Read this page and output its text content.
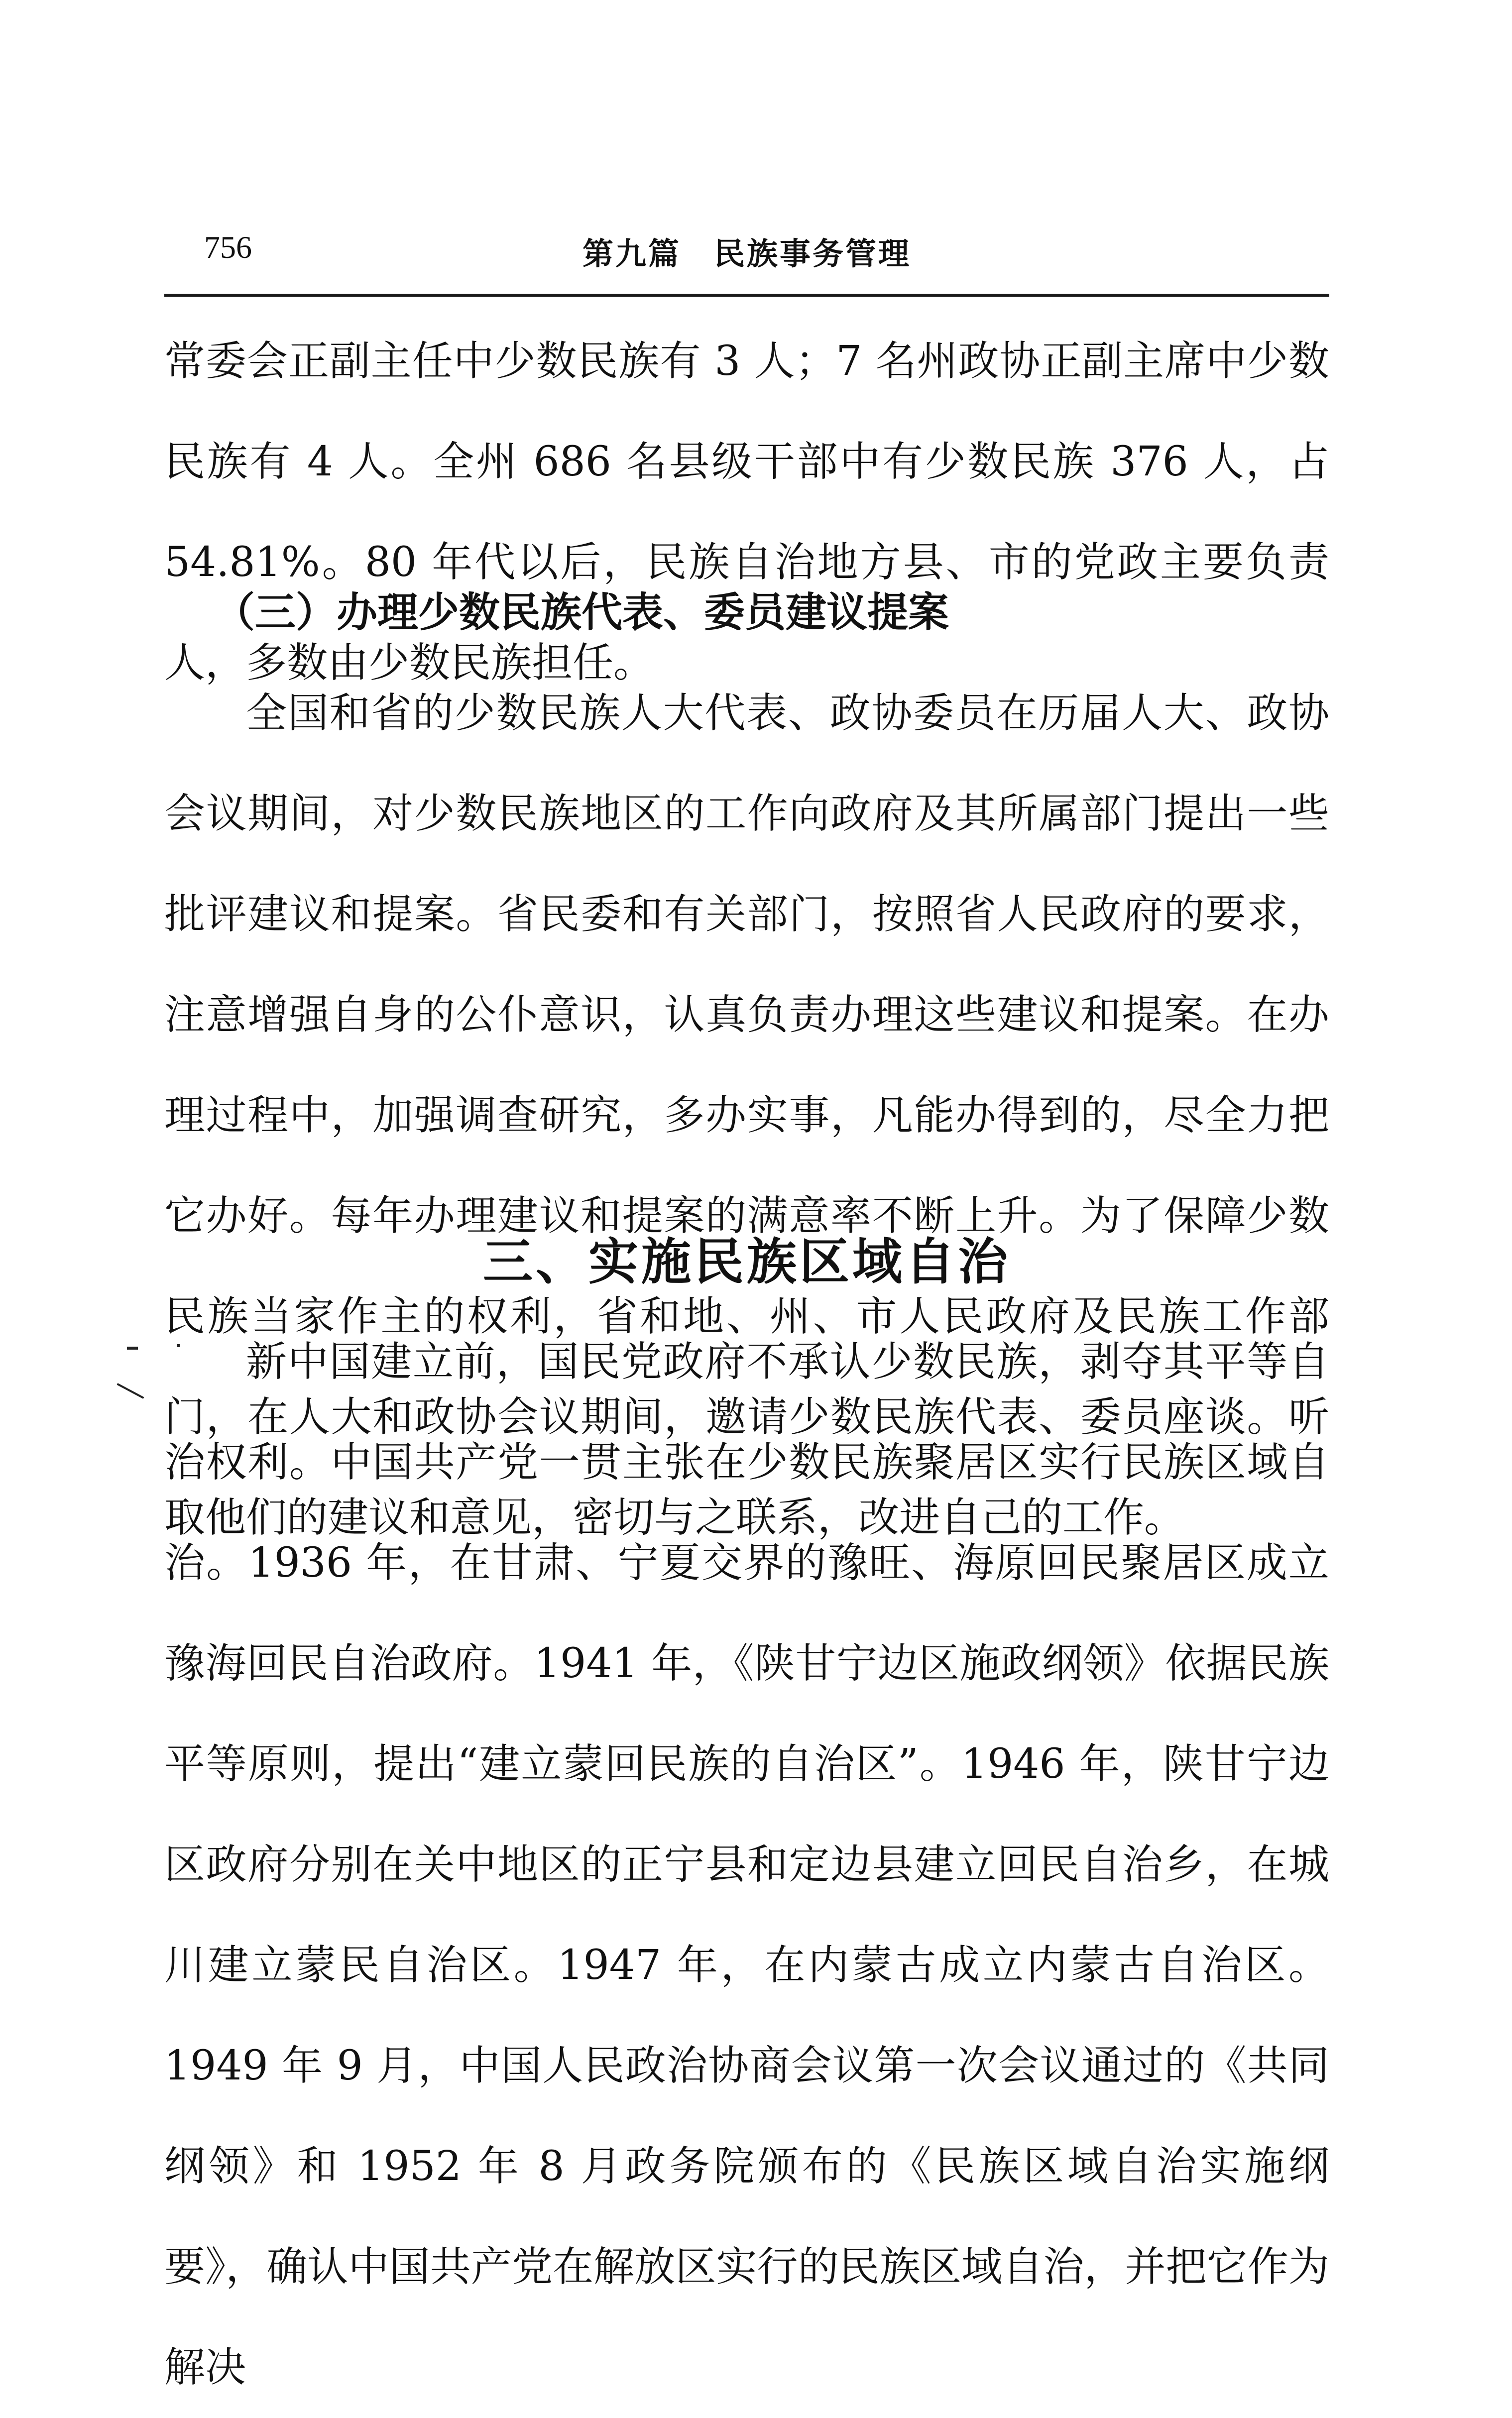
756	第九篇　民族事务管理

常委会正副主任中少数民族有 3 人；7 名州政协正副主席中少数民族有 4 人。全州 686 名县级干部中有少数民族 376 人，占 54.81%。80 年代以后，民族自治地方县、市的党政主要负责人，多数由少数民族担任。

（三）办理少数民族代表、委员建议提案

全国和省的少数民族人大代表、政协委员在历届人大、政协会议期间，对少数民族地区的工作向政府及其所属部门提出一些批评建议和提案。省民委和有关部门，按照省人民政府的要求，注意增强自身的公仆意识，认真负责办理这些建议和提案。在办理过程中，加强调查研究，多办实事，凡能办得到的，尽全力把它办好。每年办理建议和提案的满意率不断上升。为了保障少数民族当家作主的权利，省和地、州、市人民政府及民族工作部门，在人大和政协会议期间，邀请少数民族代表、委员座谈。听取他们的建议和意见，密切与之联系，改进自己的工作。

三、实施民族区域自治

新中国建立前，国民党政府不承认少数民族，剥夺其平等自治权利。中国共产党一贯主张在少数民族聚居区实行民族区域自治。1936 年，在甘肃、宁夏交界的豫旺、海原回民聚居区成立豫海回民自治政府。1941 年，《陕甘宁边区施政纲领》依据民族平等原则，提出“建立蒙回民族的自治区”。1946 年，陕甘宁边区政府分别在关中地区的正宁县和定边县建立回民自治乡，在城川建立蒙民自治区。1947 年，在内蒙古成立内蒙古自治区。1949 年 9 月，中国人民政治协商会议第一次会议通过的《共同纲领》和 1952 年 8 月政务院颁布的《民族区域自治实施纲要》，确认中国共产党在解放区实行的民族区域自治，并把它作为解决
